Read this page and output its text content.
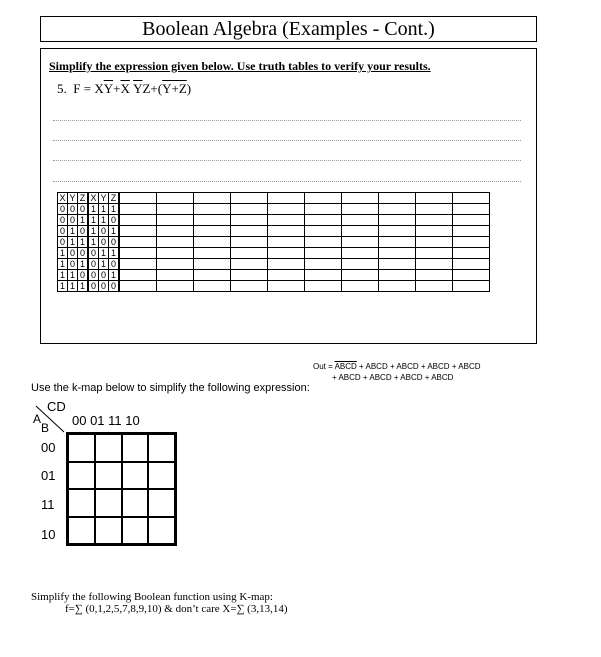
Boolean Algebra (Examples - Cont.)
Simplify the expression given below. Use truth tables to verify your results.
5. $F = X\overline{Y}+\overline{X}$ $\overline{Y}Z+(Y+Z)$
X	Y	Z	$\overline{X}$	$\overline{Y}$	$\overline{Z}$										
0	0	0	1	1	1										
0	0	1	1	1	0										
0	1	0	1	0	1										
0	1	1	1	0	0										
1	0	0	0	1	1										
1	0	1	0	1	0										
1	1	0	0	0	1										
1	1	1	0	0	0										
Out = ABCD + ABCD + ABCD + ABCD + ABCD
+ ABCD + ABCD + ABCD + ABCD
Use the k-map below to simplify the following expression:
CD
A
B 00 01 11 10
00
01
11
10
Simplify the following Boolean function using K-map:
f=∑ (0,1,2,5,7,8,9,10) & don’t care X=∑ (3,13,14)
